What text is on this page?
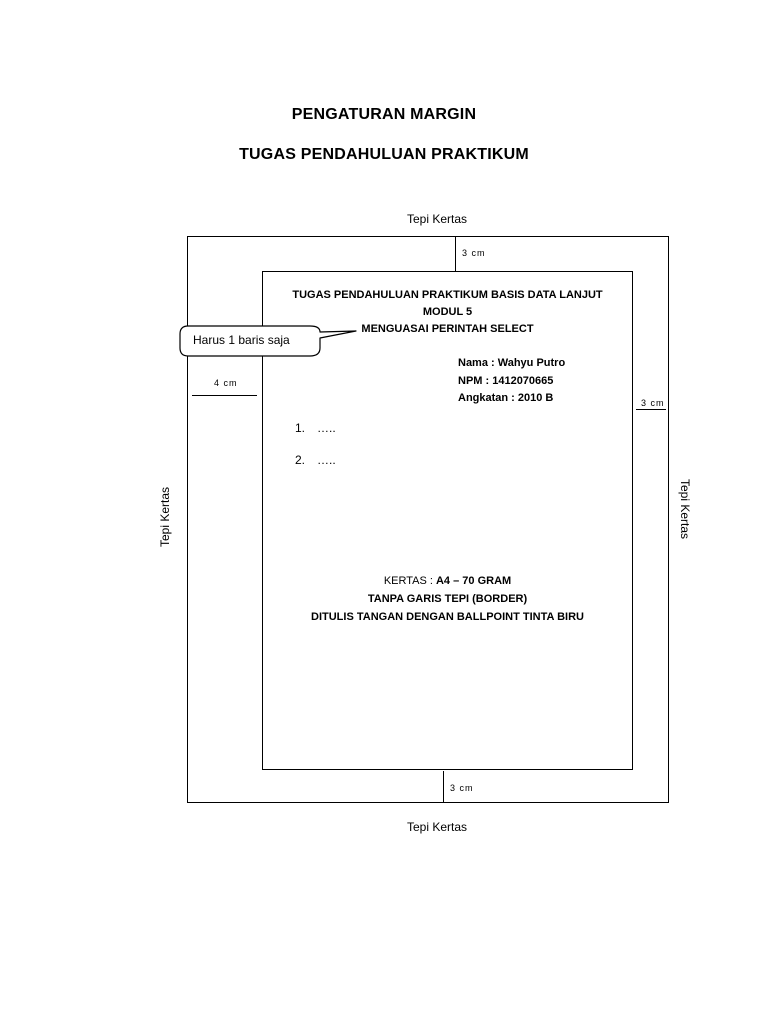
PENGATURAN MARGIN
TUGAS PENDAHULUAN PRAKTIKUM
Tepi Kertas
Tepi Kertas
Tepi Kertas	Tepi Kertas
3 cm
3 cm
4 cm
3 cm
Harus 1 baris saja
TUGAS PENDAHULUAN PRAKTIKUM BASIS DATA LANJUT
MODUL 5
MENGUASAI PERINTAH SELECT
Nama : Wahyu Putro
NPM : 1412070665
Angkatan : 2010 B
1. …..
2. …..
KERTAS : A4 – 70 GRAM
TANPA GARIS TEPI (BORDER)
DITULIS TANGAN DENGAN BALLPOINT TINTA BIRU
